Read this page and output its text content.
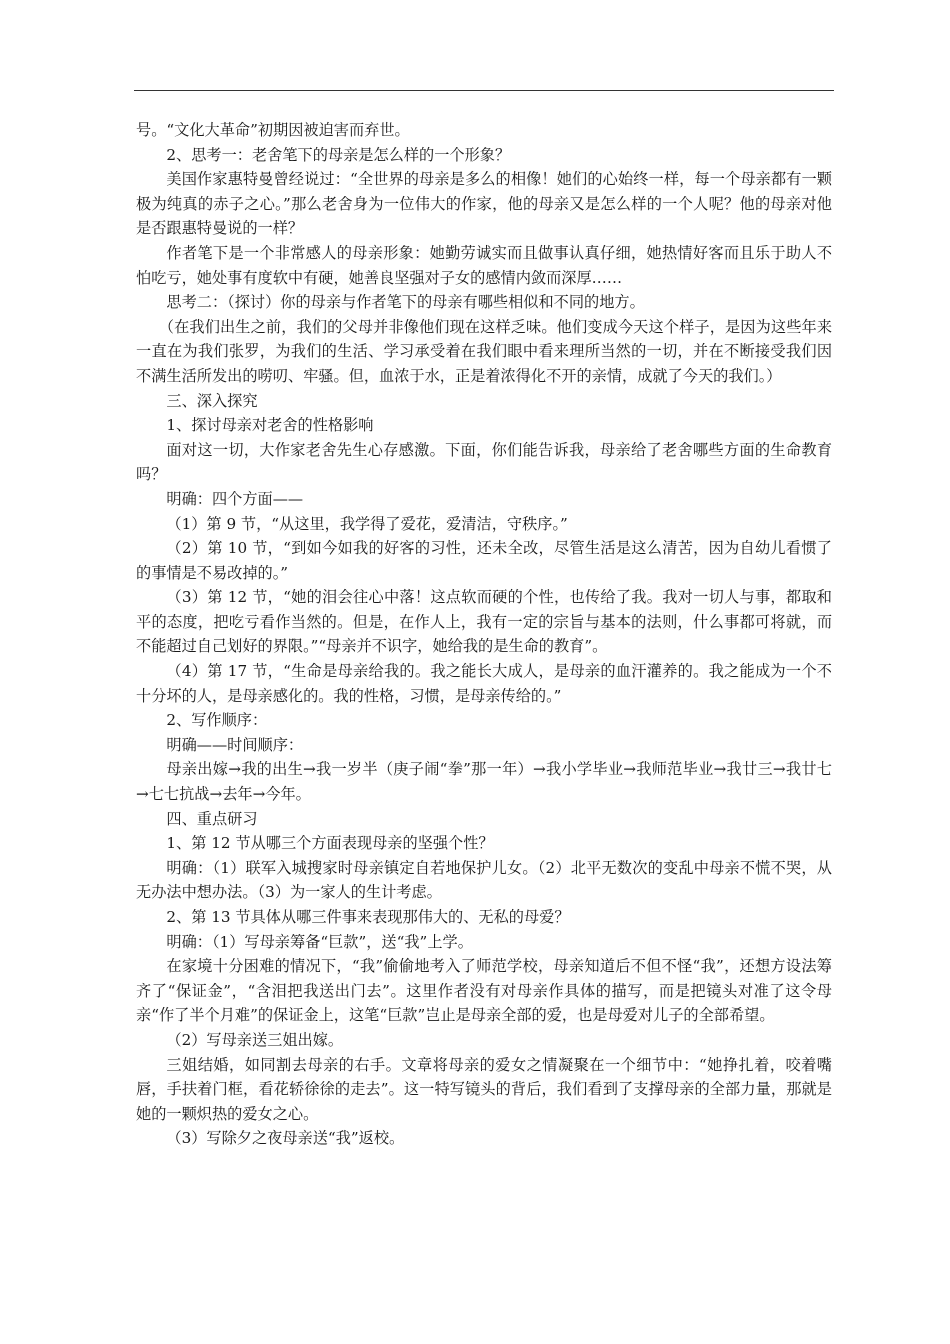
号。“文化大革命”初期因被迫害而弃世。

2、思考一：老舍笔下的母亲是怎么样的一个形象？

美国作家惠特曼曾经说过：“全世界的母亲是多么的相像！她们的心始终一样，每一个母亲都有一颗极为纯真的赤子之心。”那么老舍身为一位伟大的作家，他的母亲又是怎么样的一个人呢？他的母亲对他是否跟惠特曼说的一样？

作者笔下是一个非常感人的母亲形象：她勤劳诚实而且做事认真仔细，她热情好客而且乐于助人不怕吃亏，她处事有度软中有硬，她善良坚强对子女的感情内敛而深厚……

思考二：（探讨）你的母亲与作者笔下的母亲有哪些相似和不同的地方。

（在我们出生之前，我们的父母并非像他们现在这样乏味。他们变成今天这个样子，是因为这些年来一直在为我们张罗，为我们的生活、学习承受着在我们眼中看来理所当然的一切，并在不断接受我们因不满生活所发出的唠叨、牢骚。但，血浓于水，正是着浓得化不开的亲情，成就了今天的我们。）

三、深入探究

1、探讨母亲对老舍的性格影响

面对这一切，大作家老舍先生心存感激。下面，你们能告诉我，母亲给了老舍哪些方面的生命教育吗？

明确：四个方面——

（1）第 9 节，“从这里，我学得了爱花，爱清洁，守秩序。”

（2）第 10 节，“到如今如我的好客的习性，还未全改，尽管生活是这么清苦，因为自幼儿看惯了的事情是不易改掉的。”

（3）第 12 节，“她的泪会往心中落！这点软而硬的个性，也传给了我。我对一切人与事，都取和平的态度，把吃亏看作当然的。但是，在作人上，我有一定的宗旨与基本的法则，什么事都可将就，而不能超过自己划好的界限。”“母亲并不识字，她给我的是生命的教育”。

（4）第 17 节，“生命是母亲给我的。我之能长大成人，是母亲的血汗灌养的。我之能成为一个不十分坏的人，是母亲感化的。我的性格，习惯，是母亲传给的。”

2、写作顺序：

明确——时间顺序：

母亲出嫁→我的出生→我一岁半（庚子闹“拳”那一年）→我小学毕业→我师范毕业→我廿三→我廿七→七七抗战→去年→今年。

四、重点研习

1、第 12 节从哪三个方面表现母亲的坚强个性？

明确：（1）联军入城搜家时母亲镇定自若地保护儿女。（2）北平无数次的变乱中母亲不慌不哭，从无办法中想办法。（3）为一家人的生计考虑。

2、第 13 节具体从哪三件事来表现那伟大的、无私的母爱？

明确：（1）写母亲筹备“巨款”，送“我”上学。

在家境十分困难的情况下，“我”偷偷地考入了师范学校，母亲知道后不但不怪“我”，还想方设法筹齐了“保证金”，“含泪把我送出门去”。这里作者没有对母亲作具体的描写，而是把镜头对准了这令母亲“作了半个月难”的保证金上，这笔“巨款”岂止是母亲全部的爱，也是母爱对儿子的全部希望。

（2）写母亲送三姐出嫁。

三姐结婚，如同割去母亲的右手。文章将母亲的爱女之情凝聚在一个细节中：“她挣扎着，咬着嘴唇，手扶着门框，看花轿徐徐的走去”。这一特写镜头的背后，我们看到了支撑母亲的全部力量，那就是她的一颗炽热的爱女之心。

（3）写除夕之夜母亲送“我”返校。
